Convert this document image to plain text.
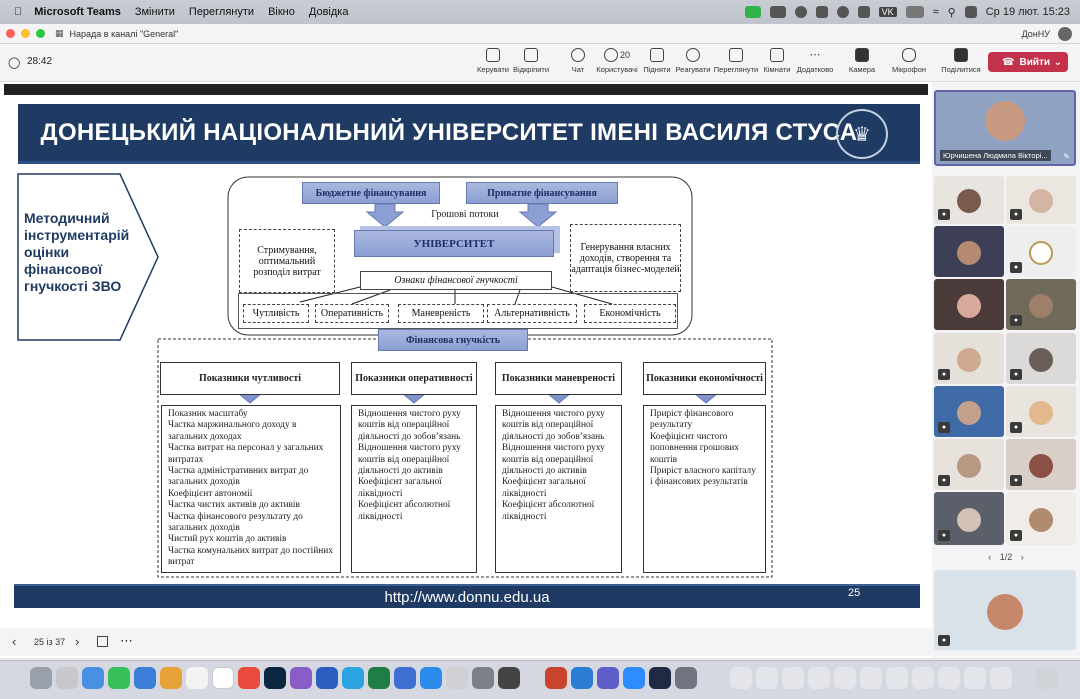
Microsoft Teams Змінити Переглянути Вікно Довідка	VK	≈ ⚲	Ср 19 лют. 15:23
▦ Нарада в каналі "General"	ДонНУ
◯ 28:42
Керувати Відкріпити	Чат
20
Користувачі Підняти Реагувати Переглянути Кімнати
⋯
Додатково Камера Мікрофон Поділитися
☎ Вийти ⌄
ДОНЕЦЬКИЙ НАЦІОНАЛЬНИЙ УНІВЕРСИТЕТ ІМЕНІ ВАСИЛЯ СТУСА
♛
Методичний інструментарій оцінки фінансової гнучкості ЗВО
Бюджетне фінансування	Приватне фінансування
Грошові потоки
УНІВЕРСИТЕТ
Стримування, оптимальний розподіл витрат
Генерування власних доходів, створення та адаптація бізнес-моделей
Ознаки фінансової гнучкості
Чутливість	Оперативність	Маневреність	Альтернативність	Економічність
Фінансова гнучкість
Показники чутливості	Показники оперативності	Показники маневреності	Показники економічності
Показник масштабу
Частка маржинального доходу в загальних доходах
Частка витрат на персонал у загальних витратах
Частка адміністративних витрат до загальних доходів
Коефіцієнт автономії
Частка чистих активів до активів
Частка фінансового результату до загальних доходів
Чистий рух коштів до активів
Частка комунальних витрат до постійних витрат
Відношення чистого руху коштів від операційної діяльності до зобов’язань
Відношення чистого руху коштів від операційної діяльності до активів
Коефіцієнт загальної ліквідності
Коефіцієнт абсолютної ліквідності
Відношення чистого руху коштів від операційної діяльності до зобов’язань
Відношення чистого руху коштів від операційної діяльності до активів
Коефіцієнт загальної ліквідності
Коефіцієнт абсолютної ліквідності
Приріст фінансового результату
Коефіцієнт чистого поповнення грошових коштів
Приріст власного капіталу і фінансових результатів
http://www.donnu.edu.ua	25
‹ 25 із 37 ›	⋯
Юрчишена Людмила Вікторі...	✎
●	●
●
●
●	●
●	●
●	●
●	●
‹ 1/2 ›
●
